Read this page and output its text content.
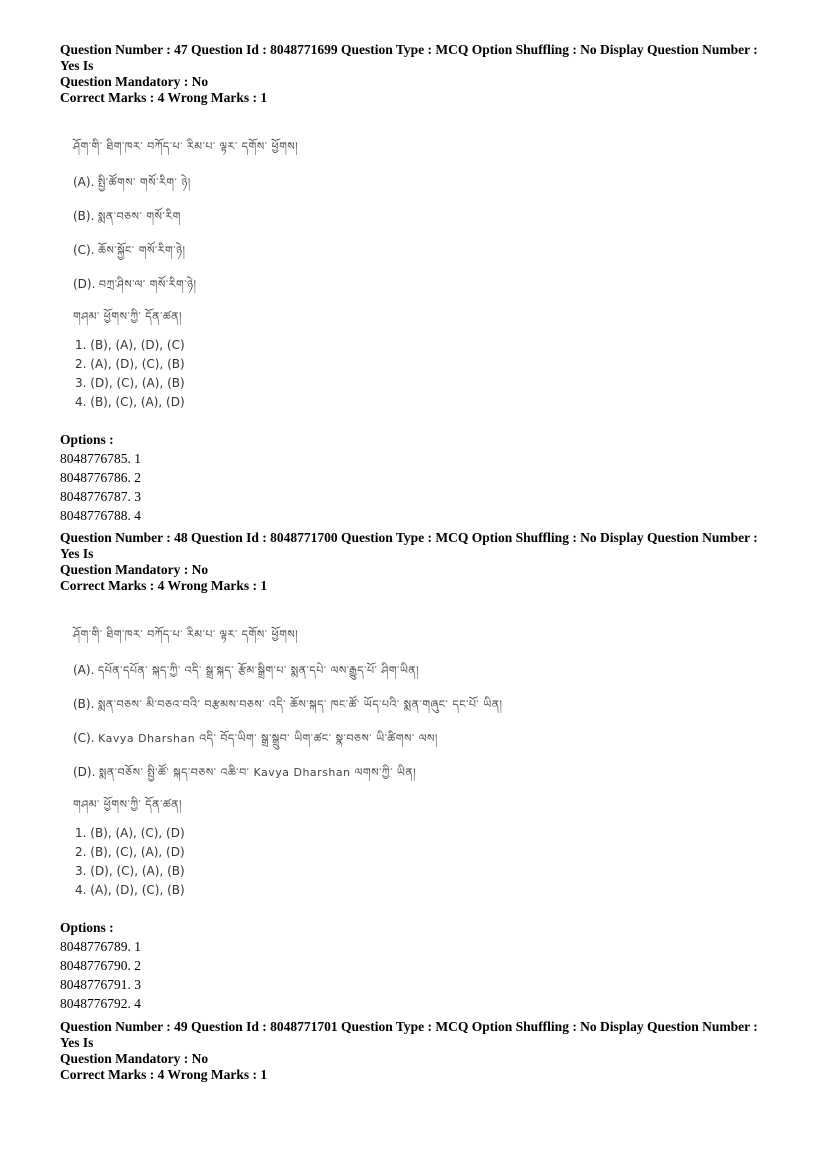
Question Number : 47 Question Id : 8048771699 Question Type : MCQ Option Shuffling : No Display Question Number : Yes Is
Question Mandatory : No
Correct Marks : 4 Wrong Marks : 1
ཤོག་གི་ ཐིག་ཁར་ བཀོད་པ་ རིམ་པ་ ལྟར་ དགོས་ ཕྱོགས།
(A). སྤྱི་ཚོགས་ གསོ་རིག་ ཉེ།
(B). སྨན་བཅས་ གསོ་རིག
(C). ཆོས་སྐྱོང་ གསོ་རིག་ཉེ།
(D). བཀྲ་ཤིས་ལ་ གསོ་རིག་ཉེ།
གཤམ་ ཕྱོགས་ཀྱི་ དོན་ཚན།
1. (B), (A), (D), (C)
2. (A), (D), (C), (B)
3. (D), (C), (A), (B)
4. (B), (C), (A), (D)
Options :
8048776785. 1
8048776786. 2
8048776787. 3
8048776788. 4
Question Number : 48 Question Id : 8048771700 Question Type : MCQ Option Shuffling : No Display Question Number : Yes Is
Question Mandatory : No
Correct Marks : 4 Wrong Marks : 1
ཤོག་གི་ ཐིག་ཁར་ བཀོད་པ་ རིམ་པ་ ལྟར་ དགོས་ ཕྱོགས།
(A). དཔོན་དཔོན་ སྐད་ཀྱི་ འདི་ སྒྲ་སྐད་ རྩོམ་སྒྲིག་པ་ སྨན་དཔེ་ ལས་རྒྱུད་པོ་ ཤིག་ཡིན།
(B). སྨན་བཅས་ མི་བཅའ་བའི་ བརྩམས་བཅས་ འདི་ ཆོས་སྐད་ ཁང་ཚོ་ ཡོད་པའི་ སྨན་གཞུང་ དང་པོ་ ཡིན།
(C). Kavya Dharshan འདི་ བོད་ཡིག་ སྒྲ་སྒྲུབ་ ཡིག་ཚང་ སྣ་བཅས་ ཡི་ཚིགས་ ལས།
(D). སྨན་བཅོས་ སྤྱི་ཚོ་ སྐད་བཅས་ འཆི་བ་ Kavya Dharshan ལགས་ཀྱི་ ཡིན།
གཤམ་ ཕྱོགས་ཀྱི་ དོན་ཚན།
1. (B), (A), (C), (D)
2. (B), (C), (A), (D)
3. (D), (C), (A), (B)
4. (A), (D), (C), (B)
Options :
8048776789. 1
8048776790. 2
8048776791. 3
8048776792. 4
Question Number : 49 Question Id : 8048771701 Question Type : MCQ Option Shuffling : No Display Question Number : Yes Is
Question Mandatory : No
Correct Marks : 4 Wrong Marks : 1
